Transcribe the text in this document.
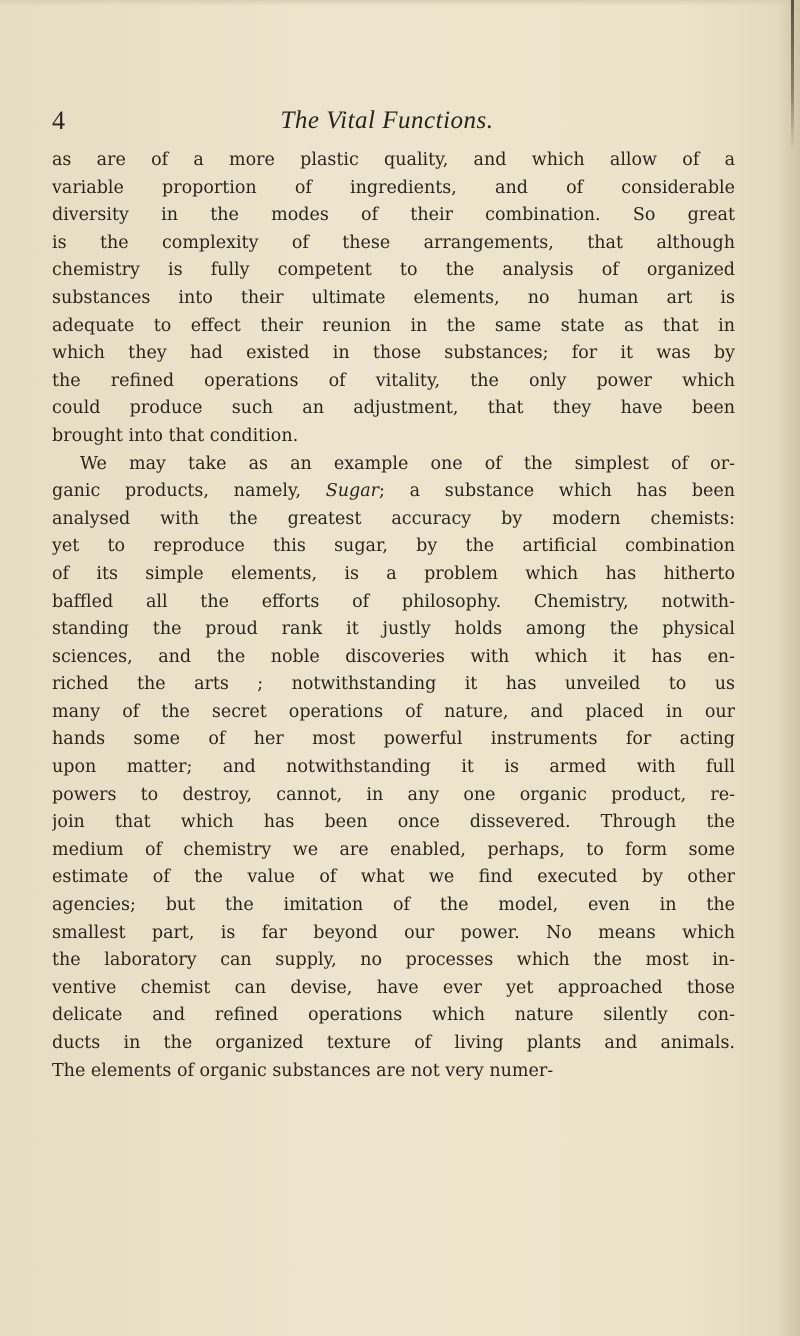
4	The Vital Functions.
as are of a more plastic quality, and which allow of a
variable proportion of ingredients, and of considerable
diversity in the modes of their combination. So great
is the complexity of these arrangements, that although
chemistry is fully competent to the analysis of organized
substances into their ultimate elements, no human art is
adequate to effect their reunion in the same state as that in
which they had existed in those substances; for it was by
the refined operations of vitality, the only power which
could produce such an adjustment, that they have been
brought into that condition.
We may take as an example one of the simplest of or-
ganic products, namely, Sugar; a substance which has been
analysed with the greatest accuracy by modern chemists:
yet to reproduce this sugar, by the artificial combination
of its simple elements, is a problem which has hitherto
baffled all the efforts of philosophy. Chemistry, notwith-
standing the proud rank it justly holds among the physical
sciences, and the noble discoveries with which it has en-
riched the arts ; notwithstanding it has unveiled to us
many of the secret operations of nature, and placed in our
hands some of her most powerful instruments for acting
upon matter; and notwithstanding it is armed with full
powers to destroy, cannot, in any one organic product, re-
join that which has been once dissevered. Through the
medium of chemistry we are enabled, perhaps, to form some
estimate of the value of what we find executed by other
agencies; but the imitation of the model, even in the
smallest part, is far beyond our power. No means which
the laboratory can supply, no processes which the most in-
ventive chemist can devise, have ever yet approached those
delicate and refined operations which nature silently con-
ducts in the organized texture of living plants and animals.
The elements of organic substances are not very numer-
